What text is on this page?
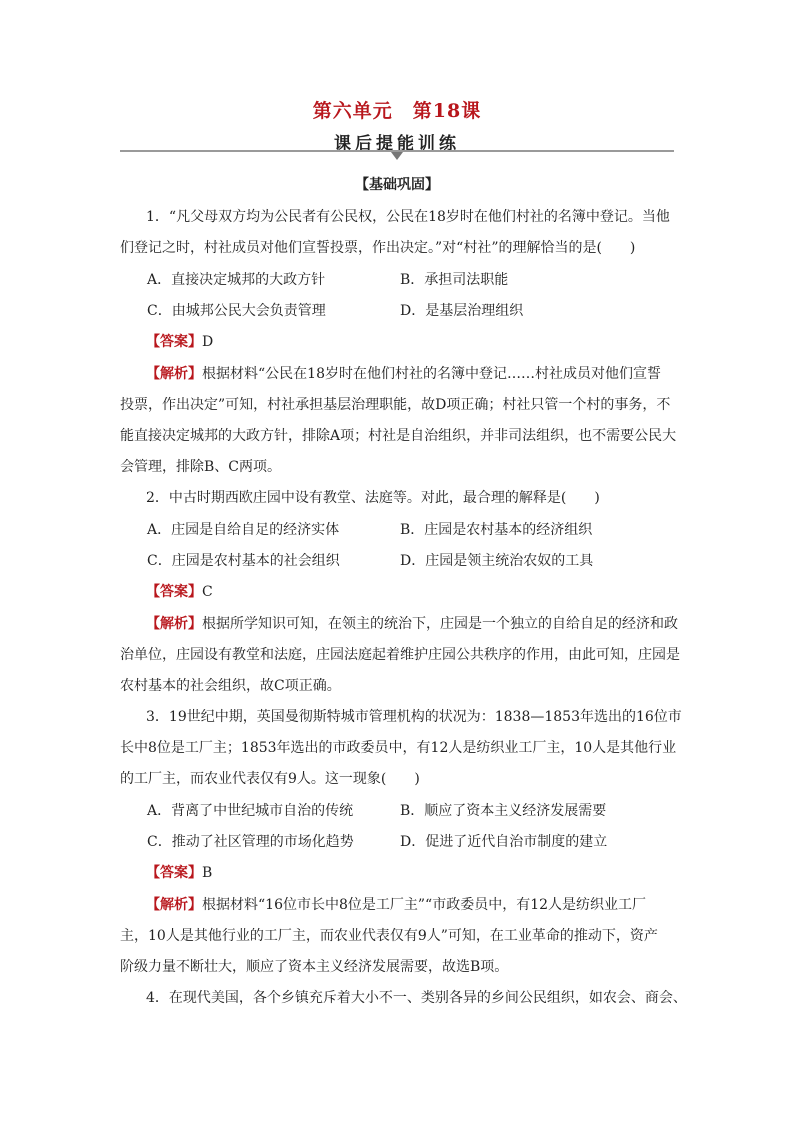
第六单元　第18课
课后提能训练
【基础巩固】
1．“凡父母双方均为公民者有公民权，公民在18岁时在他们村社的名簿中登记。当他
们登记之时，村社成员对他们宣誓投票，作出决定。”对“村社”的理解恰当的是(　　)
A．直接决定城邦的大政方针	B．承担司法职能
C．由城邦公民大会负责管理	D．是基层治理组织
【答案】D
【解析】根据材料“公民在18岁时在他们村社的名簿中登记……村社成员对他们宣誓
投票，作出决定”可知，村社承担基层治理职能，故D项正确；村社只管一个村的事务，不
能直接决定城邦的大政方针，排除A项；村社是自治组织，并非司法组织，也不需要公民大
会管理，排除B、C两项。
2．中古时期西欧庄园中设有教堂、法庭等。对此，最合理的解释是(　　)
A．庄园是自给自足的经济实体	B．庄园是农村基本的经济组织
C．庄园是农村基本的社会组织	D．庄园是领主统治农奴的工具
【答案】C
【解析】根据所学知识可知，在领主的统治下，庄园是一个独立的自给自足的经济和政
治单位，庄园设有教堂和法庭，庄园法庭起着维护庄园公共秩序的作用，由此可知，庄园是
农村基本的社会组织，故C项正确。
3．19世纪中期，英国曼彻斯特城市管理机构的状况为：1838—1853年选出的16位市
长中8位是工厂主；1853年选出的市政委员中，有12人是纺织业工厂主，10人是其他行业
的工厂主，而农业代表仅有9人。这一现象(　　)
A．背离了中世纪城市自治的传统	B．顺应了资本主义经济发展需要
C．推动了社区管理的市场化趋势	D．促进了近代自治市制度的建立
【答案】B
【解析】根据材料“16位市长中8位是工厂主”“市政委员中，有12人是纺织业工厂
主，10人是其他行业的工厂主，而农业代表仅有9人”可知，在工业革命的推动下，资产
阶级力量不断壮大，顺应了资本主义经济发展需要，故选B项。
4．在现代美国，各个乡镇充斥着大小不一、类别各异的乡间公民组织，如农会、商会、
